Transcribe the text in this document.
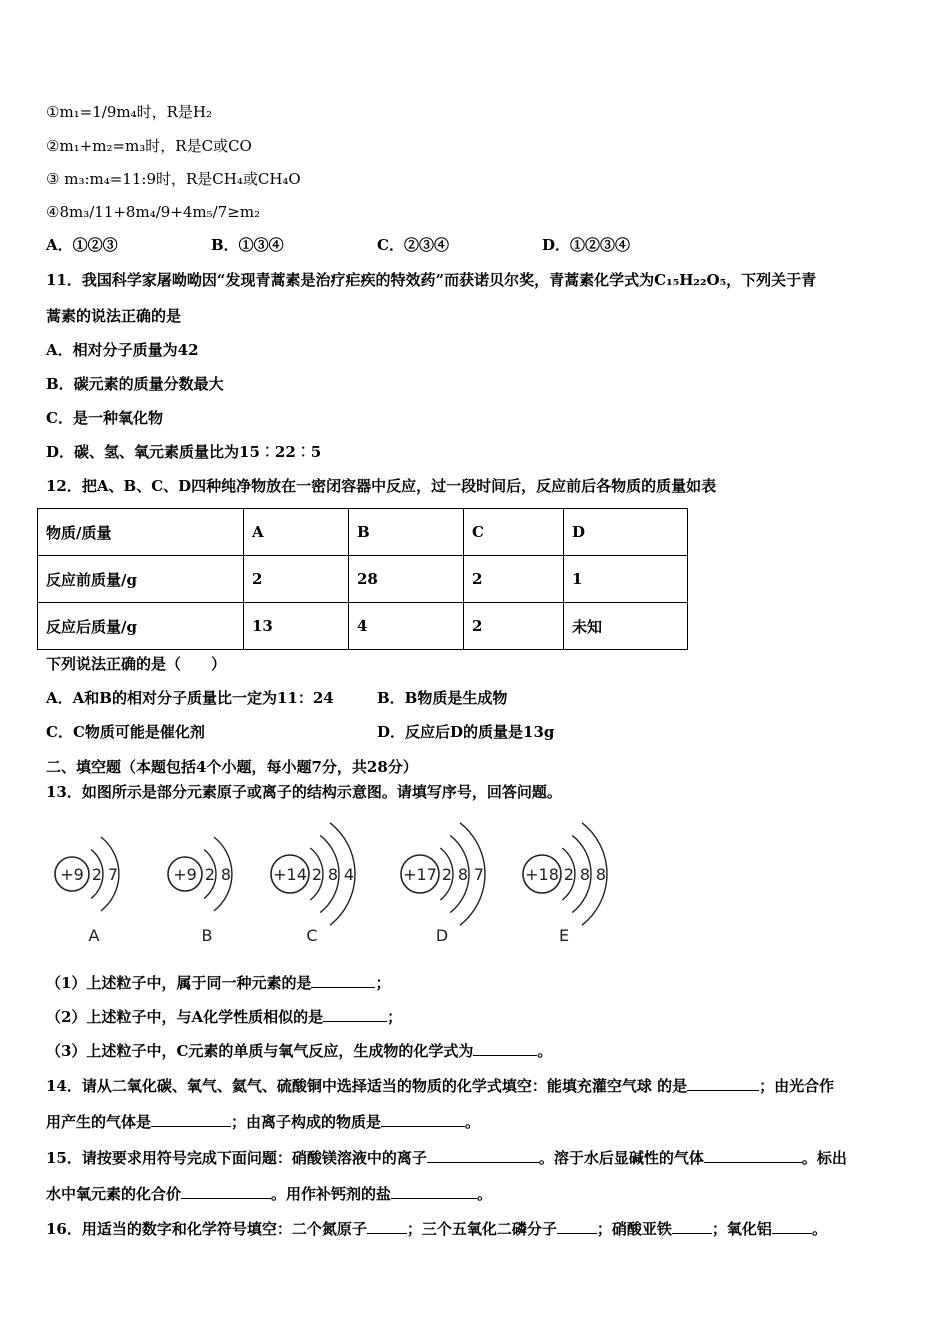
①m₁=1/9m₄时，R是H₂
②m₁+m₂=m₃时，R是C或CO
③ m₃:m₄=11:9时，R是CH₄或CH₄O
④8m₃/11+8m₄/9+4m₅/7≥m₂
A．①②③	B．①③④	C．②③④	D．①②③④
11．我国科学家屠呦呦因“发现青蒿素是治疗疟疾的特效药”而获诺贝尔奖，青蒿素化学式为C₁₅H₂₂O₅，下列关于青
蒿素的说法正确的是
A．相对分子质量为42
B．碳元素的质量分数最大
C．是一种氧化物
D．碳、氢、氧元素质量比为15︰22︰5
12．把A、B、C、D四种纯净物放在一密闭容器中反应，过一段时间后，反应前后各物质的质量如表
物质/质量	A	B	C	D
反应前质量/g	2	28	2	1
反应后质量/g	13	4	2	未知
下列说法正确的是（　　）
A．A和B的相对分子质量比一定为11：24	B．B物质是生成物
C．C物质可能是催化剂	D．反应后D的质量是13g
二、填空题（本题包括4个小题，每小题7分，共28分）
13．如图所示是部分元素原子或离子的结构示意图。请填写序号，回答问题。
+9 2 7
A
+9 2 8
B
+14 2 8 4
C
+17 2 8 7
D
+18 2 8 8
E
（1）上述粒子中，属于同一种元素的是	；
（2）上述粒子中，与A化学性质相似的是	；
（3）上述粒子中，C元素的单质与氧气反应，生成物的化学式为	。
14．请从二氧化碳、氧气、氦气、硫酸铜中选择适当的物质的化学式填空：能填充灌空气球 的是	；由光合作
用产生的气体是	；由离子构成的物质是	。
15．请按要求用符号完成下面问题：硝酸镁溶液中的离子	。溶于水后显碱性的气体	。标出
水中氧元素的化合价	。用作补钙剂的盐	。
16．用适当的数字和化学符号填空：二个氮原子	；三个五氧化二磷分子	；硝酸亚铁	；氧化铝	。
